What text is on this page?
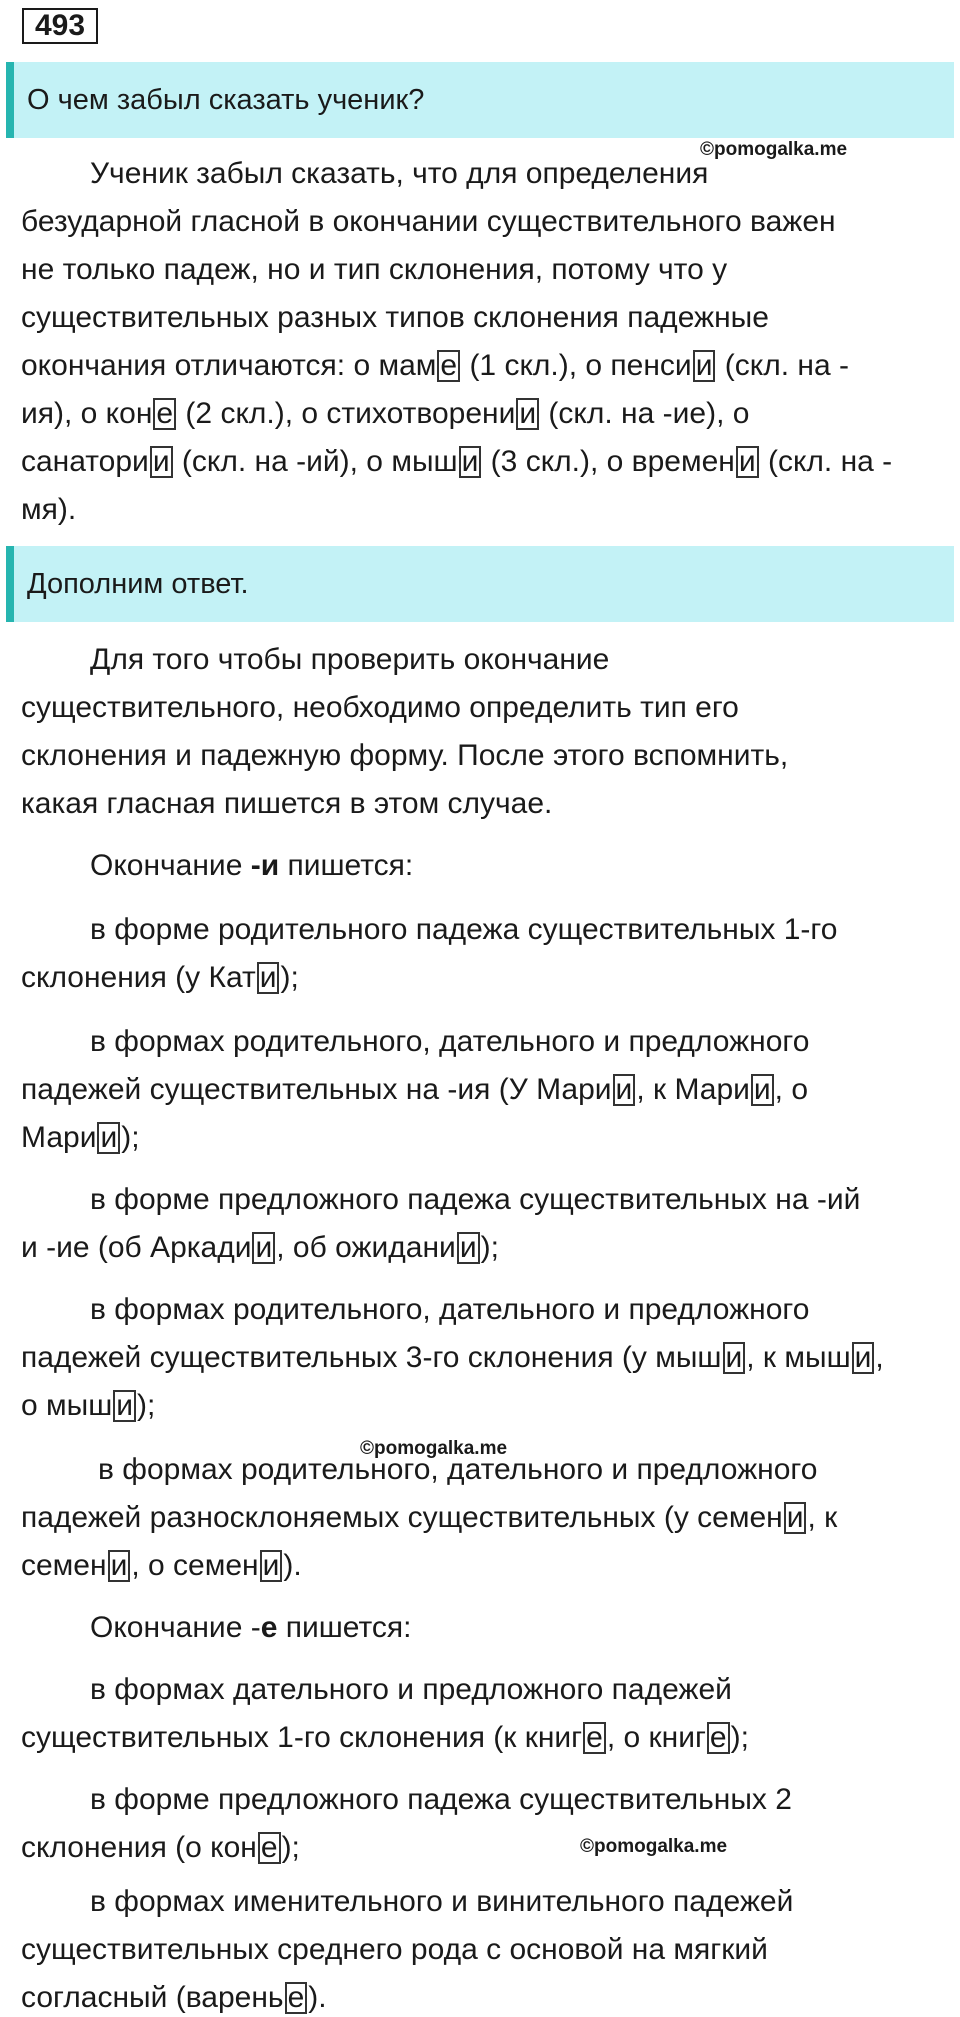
493
О чем забыл сказать ученик?
©pomogalka.me
Ученик забыл сказать, что для определения
безударной гласной в окончании существительного важен
не только падеж, но и тип склонения, потому что у
существительных разных типов склонения падежные
окончания отличаются: о мам е (1 скл.), о пенси и (скл. на -
ия), о кон е (2 скл.), о стихотворени и (скл. на -ие), о
санатори и (скл. на -ий), о мыш и (3 скл.), о времен и (скл. на -
мя).
Дополним ответ.
Для того чтобы проверить окончание
существительного, необходимо определить тип его
склонения и падежную форму. После этого вспомнить,
какая гласная пишется в этом случае.
Окончание -и пишется:
в форме родительного падежа существительных 1-го
склонения (у Кат и );
в формах родительного, дательного и предложного
падежей существительных на -ия (У Мари и , к Мари и , о
Мари и );
в форме предложного падежа существительных на -ий
и -ие (об Аркади и , об ожидани и );
в формах родительного, дательного и предложного
падежей существительных 3-го склонения (у мыш и , к мыш и ,
о мыш и );
©pomogalka.me
в формах родительного, дательного и предложного
падежей разносклоняемых существительных (у семен и , к
семен и , о семен и ).
Окончание -е пишется:
в формах дательного и предложного падежей
существительных 1-го склонения (к книг е , о книг е );
в форме предложного падежа существительных 2
склонения (о кон е );	©pomogalka.me
в формах именительного и винительного падежей
существительных среднего рода с основой на мягкий
согласный (варень е ).
